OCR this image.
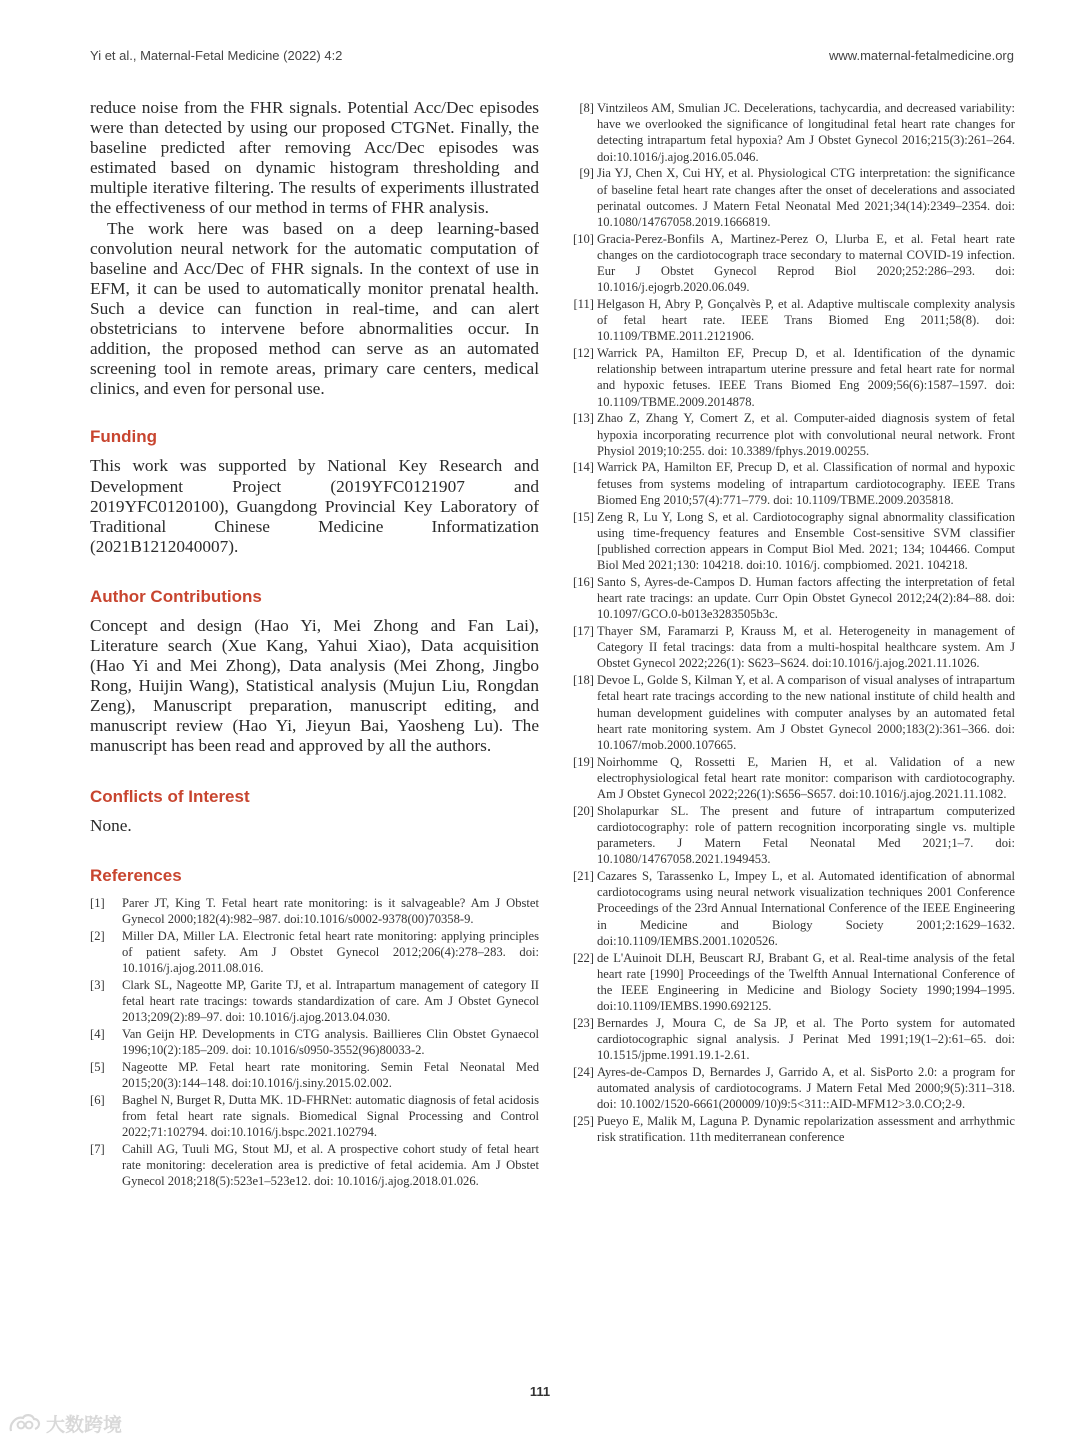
Yi et al., Maternal-Fetal Medicine (2022) 4:2	www.maternal-fetalmedicine.org

reduce noise from the FHR signals. Potential Acc/Dec episodes were than detected by using our proposed CTGNet. Finally, the baseline predicted after removing Acc/Dec episodes was estimated based on dynamic histogram thresholding and multiple iterative filtering. The results of experiments illustrated the effectiveness of our method in terms of FHR analysis.

The work here was based on a deep learning-based convolution neural network for the automatic computation of baseline and Acc/Dec of FHR signals. In the context of use in EFM, it can be used to automatically monitor prenatal health. Such a device can function in real-time, and can alert obstetricians to intervene before abnormalities occur. In addition, the proposed method can serve as an automated screening tool in remote areas, primary care centers, medical clinics, and even for personal use.

Funding

This work was supported by National Key Research and Development Project (2019YFC0121907 and 2019YFC0120100), Guangdong Provincial Key Laboratory of Traditional Chinese Medicine Informatization (2021B1212040007).

Author Contributions

Concept and design (Hao Yi, Mei Zhong and Fan Lai), Literature search (Xue Kang, Yahui Xiao), Data acquisition (Hao Yi and Mei Zhong), Data analysis (Mei Zhong, Jingbo Rong, Huijin Wang), Statistical analysis (Mujun Liu, Rongdan Zeng), Manuscript preparation, manuscript editing, and manuscript review (Hao Yi, Jieyun Bai, Yaosheng Lu). The manuscript has been read and approved by all the authors.

Conflicts of Interest

None.

References
[1]	Parer JT, King T. Fetal heart rate monitoring: is it salvageable? Am J Obstet Gynecol 2000;182(4):982–987. doi:10.1016/s0002-9378(00)70358-9.
[2]	Miller DA, Miller LA. Electronic fetal heart rate monitoring: applying principles of patient safety. Am J Obstet Gynecol 2012;206(4):278–283. doi: 10.1016/j.ajog.2011.08.016.
[3]	Clark SL, Nageotte MP, Garite TJ, et al. Intrapartum management of category II fetal heart rate tracings: towards standardization of care. Am J Obstet Gynecol 2013;209(2):89–97. doi: 10.1016/j.ajog.2013.04.030.
[4]	Van Geijn HP. Developments in CTG analysis. Baillieres Clin Obstet Gynaecol 1996;10(2):185–209. doi: 10.1016/s0950-3552(96)80033-2.
[5]	Nageotte MP. Fetal heart rate monitoring. Semin Fetal Neonatal Med 2015;20(3):144–148. doi:10.1016/j.siny.2015.02.002.
[6]	Baghel N, Burget R, Dutta MK. 1D-FHRNet: automatic diagnosis of fetal acidosis from fetal heart rate signals. Biomedical Signal Processing and Control 2022;71:102794. doi:10.1016/j.bspc.2021.102794.
[7]	Cahill AG, Tuuli MG, Stout MJ, et al. A prospective cohort study of fetal heart rate monitoring: deceleration area is predictive of fetal acidemia. Am J Obstet Gynecol 2018;218(5):523e1–523e12. doi: 10.1016/j.ajog.2018.01.026.
[8] Vintzileos AM, Smulian JC. Decelerations, tachycardia, and decreased variability: have we overlooked the significance of longitudinal fetal heart rate changes for detecting intrapartum fetal hypoxia? Am J Obstet Gynecol 2016;215(3):261–264. doi:10.1016/j.ajog.2016.05.046.
[9] Jia YJ, Chen X, Cui HY, et al. Physiological CTG interpretation: the significance of baseline fetal heart rate changes after the onset of decelerations and associated perinatal outcomes. J Matern Fetal Neonatal Med 2021;34(14):2349–2354. doi: 10.1080/14767058.2019.1666819.
[10] Gracia-Perez-Bonfils A, Martinez-Perez O, Llurba E, et al. Fetal heart rate changes on the cardiotocograph trace secondary to maternal COVID-19 infection. Eur J Obstet Gynecol Reprod Biol 2020;252:286–293. doi: 10.1016/j.ejogrb.2020.06.049.
[11] Helgason H, Abry P, Gonçalvès P, et al. Adaptive multiscale complexity analysis of fetal heart rate. IEEE Trans Biomed Eng 2011;58(8). doi: 10.1109/TBME.2011.2121906.
[12] Warrick PA, Hamilton EF, Precup D, et al. Identification of the dynamic relationship between intrapartum uterine pressure and fetal heart rate for normal and hypoxic fetuses. IEEE Trans Biomed Eng 2009;56(6):1587–1597. doi: 10.1109/TBME.2009.2014878.
[13] Zhao Z, Zhang Y, Comert Z, et al. Computer-aided diagnosis system of fetal hypoxia incorporating recurrence plot with convolutional neural network. Front Physiol 2019;10:255. doi: 10.3389/fphys.2019.00255.
[14] Warrick PA, Hamilton EF, Precup D, et al. Classification of normal and hypoxic fetuses from systems modeling of intrapartum cardiotocography. IEEE Trans Biomed Eng 2010;57(4):771–779. doi: 10.1109/TBME.2009.2035818.
[15] Zeng R, Lu Y, Long S, et al. Cardiotocography signal abnormality classification using time-frequency features and Ensemble Cost-sensitive SVM classifier [published correction appears in Comput Biol Med. 2021; 134; 104466. Comput Biol Med 2021;130: 104218. doi:10. 1016/j. compbiomed. 2021. 104218.
[16] Santo S, Ayres-de-Campos D. Human factors affecting the interpretation of fetal heart rate tracings: an update. Curr Opin Obstet Gynecol 2012;24(2):84–88. doi: 10.1097/GCO.0-b013e3283505b3c.
[17] Thayer SM, Faramarzi P, Krauss M, et al. Heterogeneity in management of Category II fetal tracings: data from a multi-hospital healthcare system. Am J Obstet Gynecol 2022;226(1): S623–S624. doi:10.1016/j.ajog.2021.11.1026.
[18] Devoe L, Golde S, Kilman Y, et al. A comparison of visual analyses of intrapartum fetal heart rate tracings according to the new national institute of child health and human development guidelines with computer analyses by an automated fetal heart rate monitoring system. Am J Obstet Gynecol 2000;183(2):361–366. doi: 10.1067/mob.2000.107665.
[19] Noirhomme Q, Rossetti E, Marien H, et al. Validation of a new electrophysiological fetal heart rate monitor: comparison with cardiotocography. Am J Obstet Gynecol 2022;226(1):S656–S657. doi:10.1016/j.ajog.2021.11.1082.
[20] Sholapurkar SL. The present and future of intrapartum computerized cardiotocography: role of pattern recognition incorporating single vs. multiple parameters. J Matern Fetal Neonatal Med 2021;1–7. doi: 10.1080/14767058.2021.1949453.
[21] Cazares S, Tarassenko L, Impey L, et al. Automated identification of abnormal cardiotocograms using neural network visualization techniques 2001 Conference Proceedings of the 23rd Annual International Conference of the IEEE Engineering in Medicine and Biology Society 2001;2:1629–1632. doi:10.1109/IEMBS.2001.1020526.
[22] de L'Auinoit DLH, Beuscart RJ, Brabant G, et al. Real-time analysis of the fetal heart rate [1990] Proceedings of the Twelfth Annual International Conference of the IEEE Engineering in Medicine and Biology Society 1990;1994–1995. doi:10.1109/IEMBS.1990.692125.
[23] Bernardes J, Moura C, de Sa JP, et al. The Porto system for automated cardiotocographic signal analysis. J Perinat Med 1991;19(1–2):61–65. doi: 10.1515/jpme.1991.19.1-2.61.
[24] Ayres-de-Campos D, Bernardes J, Garrido A, et al. SisPorto 2.0: a program for automated analysis of cardiotocograms. J Matern Fetal Med 2000;9(5):311–318. doi: 10.1002/1520-6661(200009/10)9:5<311::AID-MFM12>3.0.CO;2-9.
[25] Pueyo E, Malik M, Laguna P. Dynamic repolarization assessment and arrhythmic risk stratification. 11th mediterranean conference
111
大数跨境
